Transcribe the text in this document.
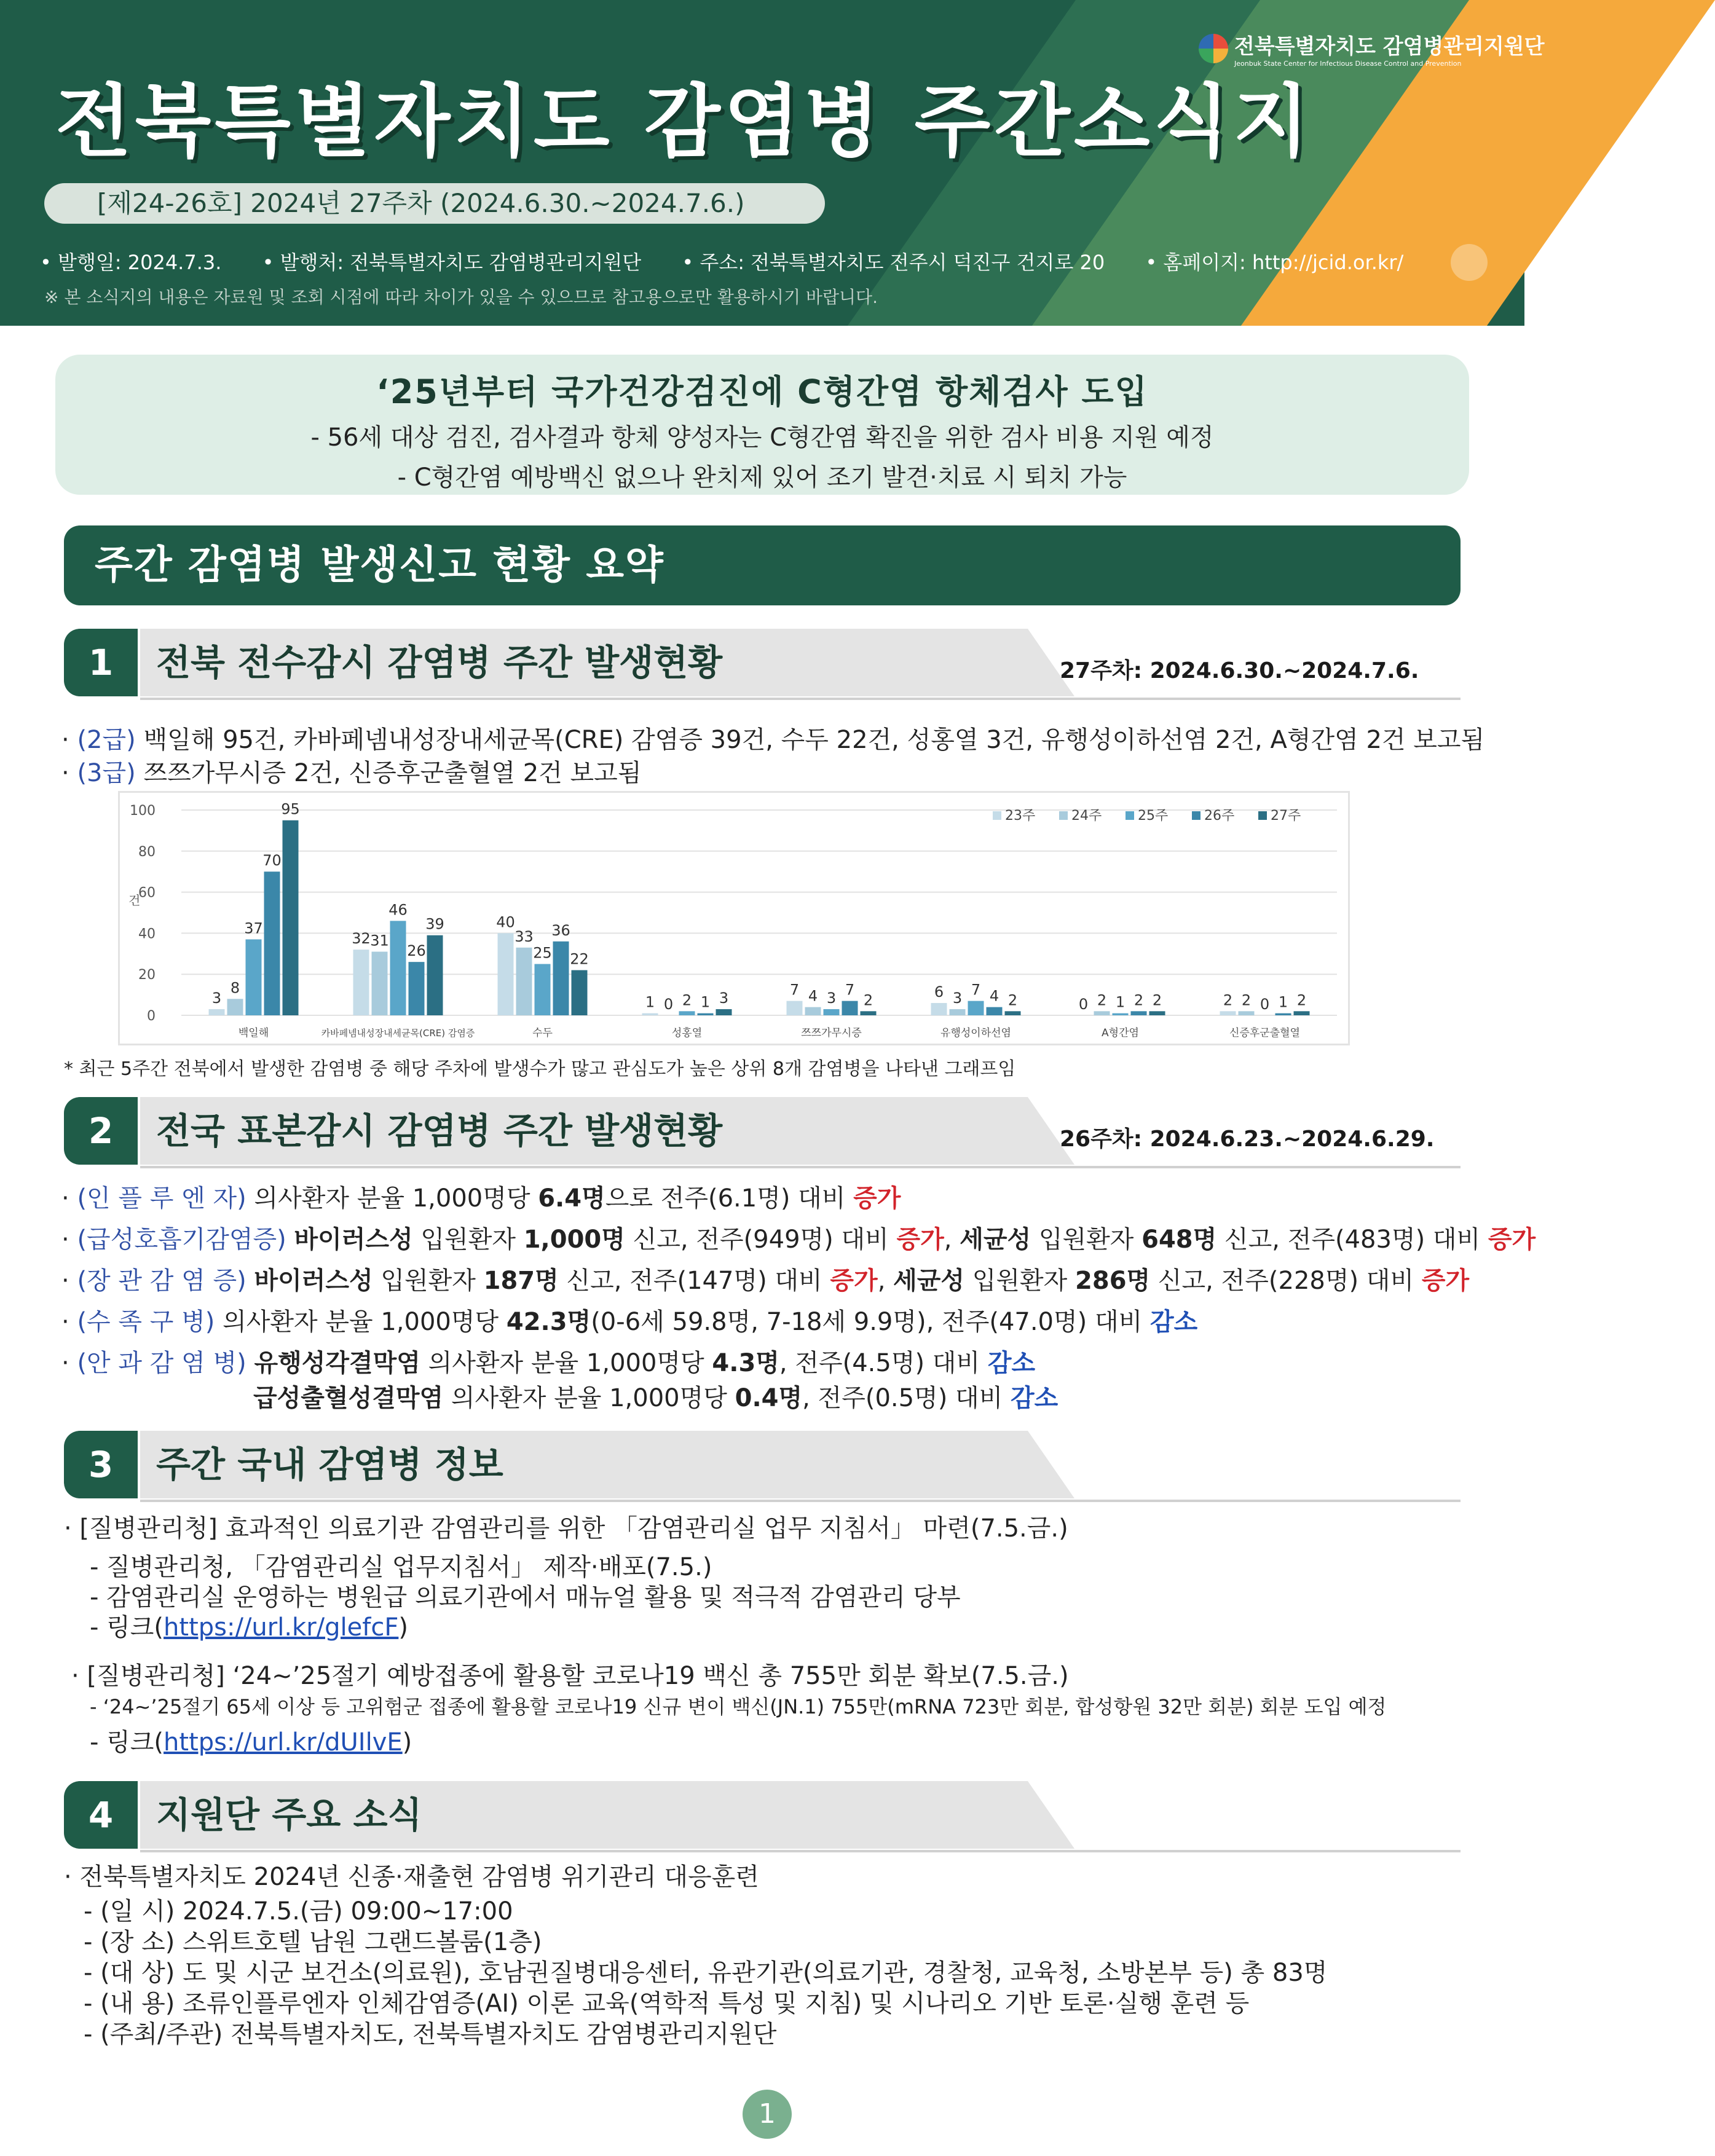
전북특별자치도 감염병관리지원단
Jeonbuk State Center for Infectious Disease Control and Prevention
전북특별자치도 감염병 주간소식지
[제24-26호] 2024년 27주차 (2024.6.30.~2024.7.6.)
• 발행일: 2024.7.3. • 발행처: 전북특별자치도 감염병관리지원단 • 주소: 전북특별자치도 전주시 덕진구 건지로 20 • 홈페이지: http://jcid.or.kr/
※ 본 소식지의 내용은 자료원 및 조회 시점에 따라 차이가 있을 수 있으므로 참고용으로만 활용하시기 바랍니다.
‘25년부터 국가건강검진에 C형간염 항체검사 도입
- 56세 대상 검진, 검사결과 항체 양성자는 C형간염 확진을 위한 검사 비용 지원 예정
- C형간염 예방백신 없으나 완치제 있어 조기 발견·치료 시 퇴치 가능
주간 감염병 발생신고 현황 요약
1	전북 전수감시 감염병 주간 발생현황	27주차: 2024.6.30.~2024.7.6.
· (2급) 백일해 95건, 카바페넴내성장내세균목(CRE) 감염증 39건, 수두 22건, 성홍열 3건, 유행성이하선염 2건, A형간염 2건 보고됨
· (3급) 쯔쯔가무시증 2건, 신증후군출혈열 2건 보고됨
0
20
40
60
80
100
건
3
8
37
70
95
백일해
32 31
46
26
39
카바페넴내성장내세균목(CRE) 감염증
40
33
25
36
22
수두
1 0 2 1 3
성홍열
7 4 3 7
2
쯔쯔가무시증
6 3 7 4 2
유행성이하선염
0 2 1 2 2
A형간염
2 2 0 1 2
신증후군출혈열
23주	24주	25주	26주	27주
* 최근 5주간 전북에서 발생한 감염병 중 해당 주차에 발생수가 많고 관심도가 높은 상위 8개 감염병을 나타낸 그래프임
2	전국 표본감시 감염병 주간 발생현황	26주차: 2024.6.23.~2024.6.29.
· (인 플 루 엔 자) 의사환자 분율 1,000명당 6.4명으로 전주(6.1명) 대비 증가
· (급성호흡기감염증) 바이러스성 입원환자 1,000명 신고, 전주(949명) 대비 증가, 세균성 입원환자 648명 신고, 전주(483명) 대비 증가
· (장 관 감 염 증) 바이러스성 입원환자 187명 신고, 전주(147명) 대비 증가, 세균성 입원환자 286명 신고, 전주(228명) 대비 증가
· (수 족 구 병) 의사환자 분율 1,000명당 42.3명(0-6세 59.8명, 7-18세 9.9명), 전주(47.0명) 대비 감소
· (안 과 감 염 병) 유행성각결막염 의사환자 분율 1,000명당 4.3명, 전주(4.5명) 대비 감소
급성출혈성결막염 의사환자 분율 1,000명당 0.4명, 전주(0.5명) 대비 감소
3	주간 국내 감염병 정보
· [질병관리청] 효과적인 의료기관 감염관리를 위한 「감염관리실 업무 지침서」 마련(7.5.금.)
- 질병관리청, 「감염관리실 업무지침서」 제작·배포(7.5.)
- 감염관리실 운영하는 병원급 의료기관에서 매뉴얼 활용 및 적극적 감염관리 당부
- 링크(https://url.kr/glefcF)
· [질병관리청] ‘24~’25절기 예방접종에 활용할 코로나19 백신 총 755만 회분 확보(7.5.금.)
- ‘24~’25절기 65세 이상 등 고위험군 접종에 활용할 코로나19 신규 변이 백신(JN.1) 755만(mRNA 723만 회분, 합성항원 32만 회분) 회분 도입 예정
- 링크(https://url.kr/dUIlvE)
4	지원단 주요 소식
· 전북특별자치도 2024년 신종·재출현 감염병 위기관리 대응훈련
- (일 시) 2024.7.5.(금) 09:00~17:00
- (장 소) 스위트호텔 남원 그랜드볼룸(1층)
- (대 상) 도 및 시군 보건소(의료원), 호남권질병대응센터, 유관기관(의료기관, 경찰청, 교육청, 소방본부 등) 총 83명
- (내 용) 조류인플루엔자 인체감염증(AI) 이론 교육(역학적 특성 및 지침) 및 시나리오 기반 토론·실행 훈련 등
- (주최/주관) 전북특별자치도, 전북특별자치도 감염병관리지원단
1
